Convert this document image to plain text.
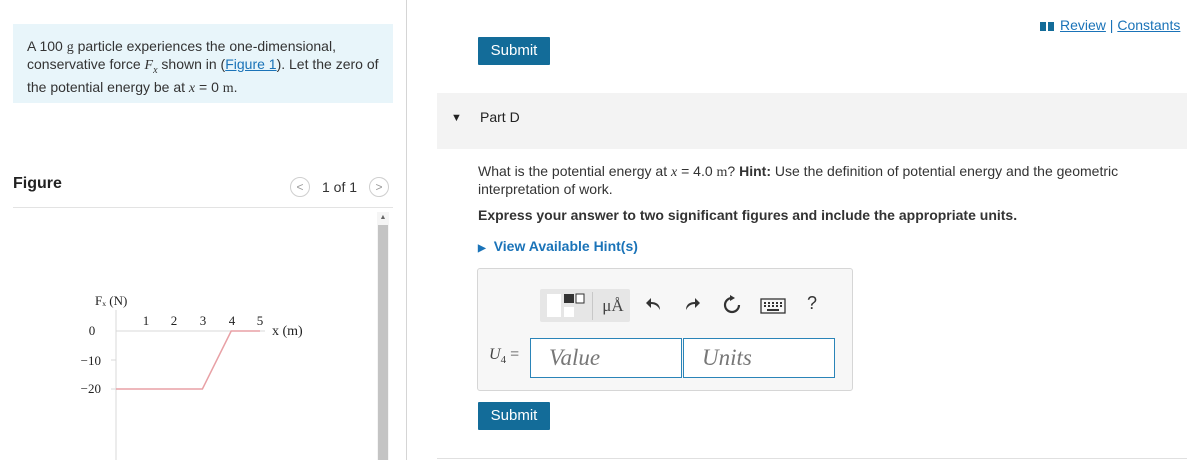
A 100 g particle experiences the one-dimensional, conservative force $F_x$ shown in (Figure 1). Let the zero of the potential energy be at x = 0 m.
Figure	<	1 of 1	>
Fₓ (N)
x (m)
0
−10
−20
1 2 3 4 5
▲
Review | Constants
Submit
▼ Part D
What is the potential energy at x = 4.0 m? Hint: Use the definition of potential energy and the geometric interpretation of work.
Express your answer to two significant figures and include the appropriate units.
▶ View Available Hint(s)
μÅ	?
$U_4$ =	Value	Units
Submit
